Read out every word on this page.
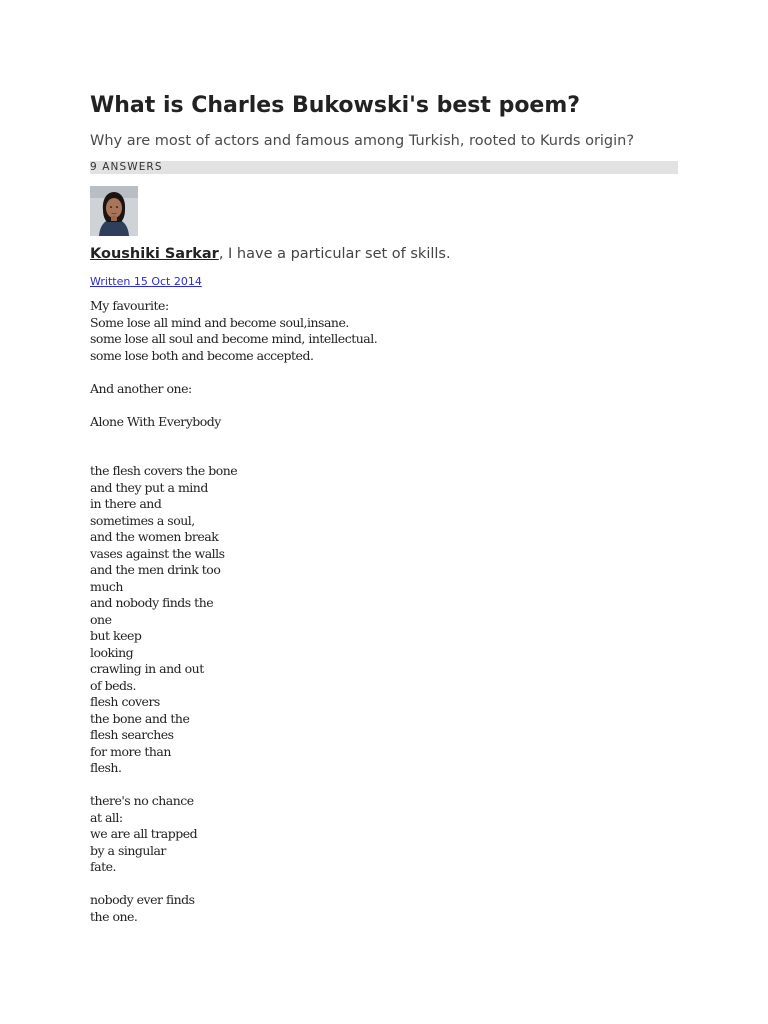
What is Charles Bukowski's best poem?
Why are most of actors and famous among Turkish, rooted to Kurds origin?
9 ANSWERS
Koushiki Sarkar, I have a particular set of skills.
Written 15 Oct 2014
My favourite:
Some lose all mind and become soul,insane.
some lose all soul and become mind, intellectual.
some lose both and become accepted.
And another one:
Alone With Everybody
the flesh covers the bone
and they put a mind
in there and
sometimes a soul,
and the women break
vases against the walls
and the men drink too
much
and nobody finds the
one
but keep
looking
crawling in and out
of beds.
flesh covers
the bone and the
flesh searches
for more than
flesh.
there's no chance
at all:
we are all trapped
by a singular
fate.
nobody ever finds
the one.
